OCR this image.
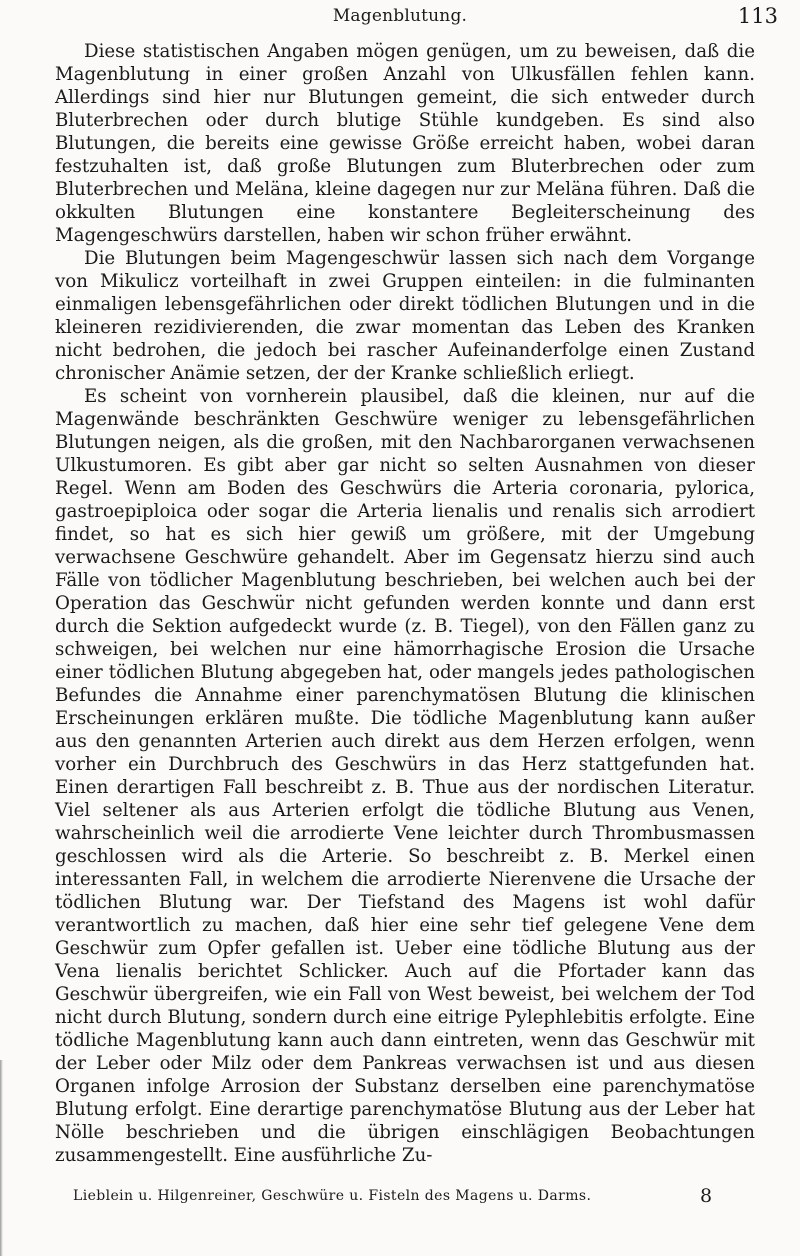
Magenblutung.	113

Diese statistischen Angaben mögen genügen, um zu beweisen, daß die Magenblutung in einer großen Anzahl von Ulkusfällen fehlen kann. Allerdings sind hier nur Blutungen gemeint, die sich entweder durch Bluterbrechen oder durch blutige Stühle kundgeben. Es sind also Blutungen, die bereits eine gewisse Größe erreicht haben, wobei daran festzuhalten ist, daß große Blutungen zum Bluterbrechen oder zum Bluterbrechen und Meläna, kleine dagegen nur zur Meläna führen. Daß die okkulten Blutungen eine konstantere Begleiterscheinung des Magengeschwürs darstellen, haben wir schon früher erwähnt.

Die Blutungen beim Magengeschwür lassen sich nach dem Vorgange von Mikulicz vorteilhaft in zwei Gruppen einteilen: in die fulminanten einmaligen lebensgefährlichen oder direkt tödlichen Blutungen und in die kleineren rezidivierenden, die zwar momentan das Leben des Kranken nicht bedrohen, die jedoch bei rascher Aufeinanderfolge einen Zustand chronischer Anämie setzen, der der Kranke schließlich erliegt.

Es scheint von vornherein plausibel, daß die kleinen, nur auf die Magenwände beschränkten Geschwüre weniger zu lebensgefährlichen Blutungen neigen, als die großen, mit den Nachbarorganen verwachsenen Ulkustumoren. Es gibt aber gar nicht so selten Ausnahmen von dieser Regel. Wenn am Boden des Geschwürs die Arteria coronaria, pylorica, gastroepiploica oder sogar die Arteria lienalis und renalis sich arrodiert findet, so hat es sich hier gewiß um größere, mit der Umgebung verwachsene Geschwüre gehandelt. Aber im Gegensatz hierzu sind auch Fälle von tödlicher Magenblutung beschrieben, bei welchen auch bei der Operation das Geschwür nicht gefunden werden konnte und dann erst durch die Sektion aufgedeckt wurde (z. B. Tiegel), von den Fällen ganz zu schweigen, bei welchen nur eine hämorrhagische Erosion die Ursache einer tödlichen Blutung abgegeben hat, oder mangels jedes pathologischen Befundes die Annahme einer parenchymatösen Blutung die klinischen Erscheinungen erklären mußte. Die tödliche Magenblutung kann außer aus den genannten Arterien auch direkt aus dem Herzen erfolgen, wenn vorher ein Durchbruch des Geschwürs in das Herz stattgefunden hat. Einen derartigen Fall beschreibt z. B. Thue aus der nordischen Literatur. Viel seltener als aus Arterien erfolgt die tödliche Blutung aus Venen, wahrscheinlich weil die arrodierte Vene leichter durch Thrombusmassen geschlossen wird als die Arterie. So beschreibt z. B. Merkel einen interessanten Fall, in welchem die arrodierte Nierenvene die Ursache der tödlichen Blutung war. Der Tiefstand des Magens ist wohl dafür verantwortlich zu machen, daß hier eine sehr tief gelegene Vene dem Geschwür zum Opfer gefallen ist. Ueber eine tödliche Blutung aus der Vena lienalis berichtet Schlicker. Auch auf die Pfortader kann das Geschwür übergreifen, wie ein Fall von West beweist, bei welchem der Tod nicht durch Blutung, sondern durch eine eitrige Pylephlebitis erfolgte. Eine tödliche Magenblutung kann auch dann eintreten, wenn das Geschwür mit der Leber oder Milz oder dem Pankreas verwachsen ist und aus diesen Organen infolge Arrosion der Substanz derselben eine parenchymatöse Blutung erfolgt. Eine derartige parenchymatöse Blutung aus der Leber hat Nölle beschrieben und die übrigen einschlägigen Beobachtungen zusammengestellt. Eine ausführliche Zu-

Lieblein u. Hilgenreiner, Geschwüre u. Fisteln des Magens u. Darms.	8
